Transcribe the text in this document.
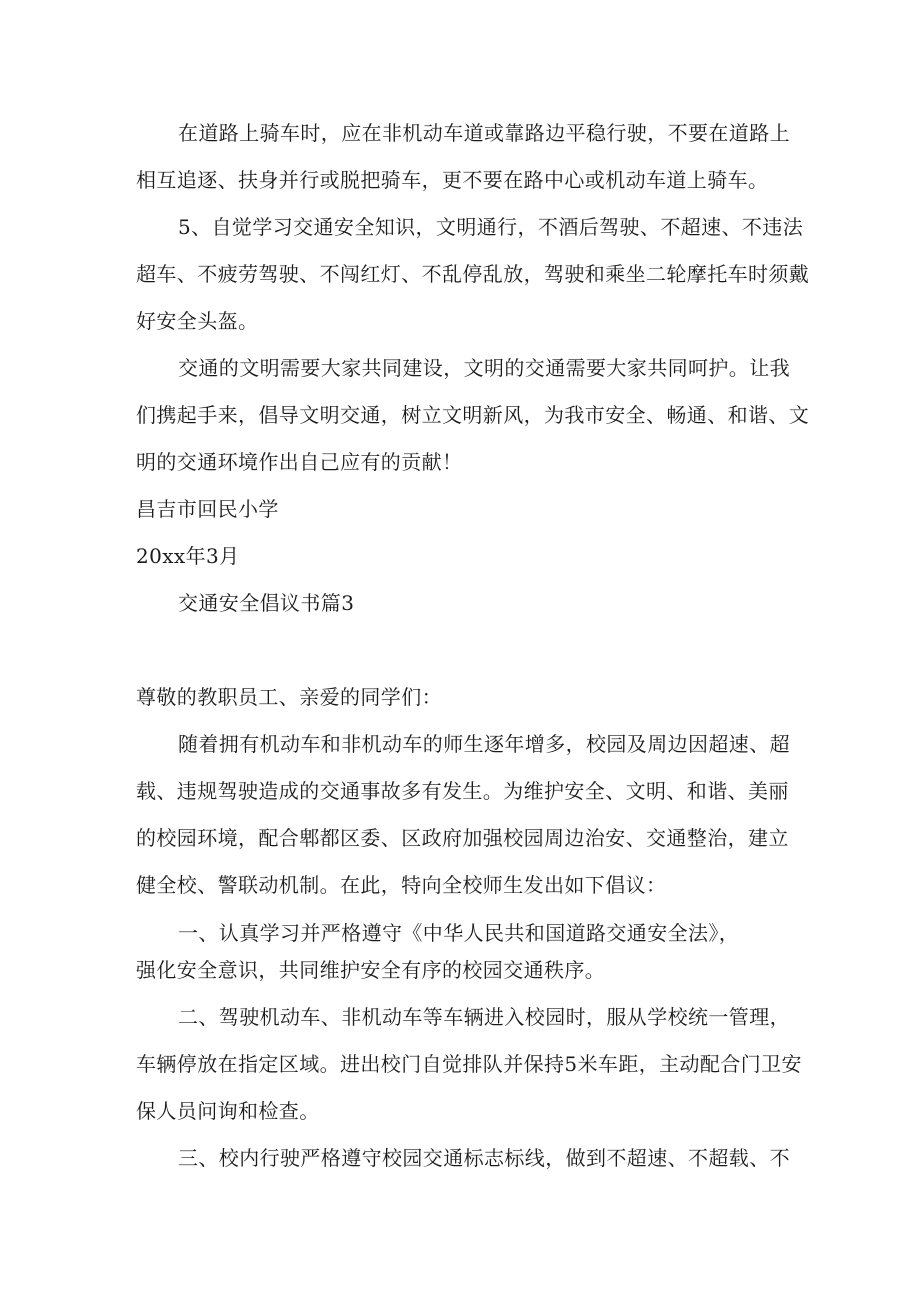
在道路上骑车时，应在非机动车道或靠路边平稳行驶，不要在道路上
相互追逐、扶身并行或脱把骑车，更不要在路中心或机动车道上骑车。
5、自觉学习交通安全知识，文明通行，不酒后驾驶、不超速、不违法
超车、不疲劳驾驶、不闯红灯、不乱停乱放，驾驶和乘坐二轮摩托车时须戴
好安全头盔。
交通的文明需要大家共同建设，文明的交通需要大家共同呵护。让我
们携起手来，倡导文明交通，树立文明新风，为我市安全、畅通、和谐、文
明的交通环境作出自己应有的贡献！
昌吉市回民小学
20xx年3月
交通安全倡议书篇3
尊敬的教职员工、亲爱的同学们：
随着拥有机动车和非机动车的师生逐年增多，校园及周边因超速、超
载、违规驾驶造成的交通事故多有发生。为维护安全、文明、和谐、美丽
的校园环境，配合郫都区委、区政府加强校园周边治安、交通整治，建立
健全校、警联动机制。在此，特向全校师生发出如下倡议：
一、认真学习并严格遵守《中华人民共和国道路交通安全法》，
强化安全意识，共同维护安全有序的校园交通秩序。
二、驾驶机动车、非机动车等车辆进入校园时，服从学校统一管理，
车辆停放在指定区域。进出校门自觉排队并保持5米车距，主动配合门卫安
保人员问询和检查。
三、校内行驶严格遵守校园交通标志标线，做到不超速、不超载、不
